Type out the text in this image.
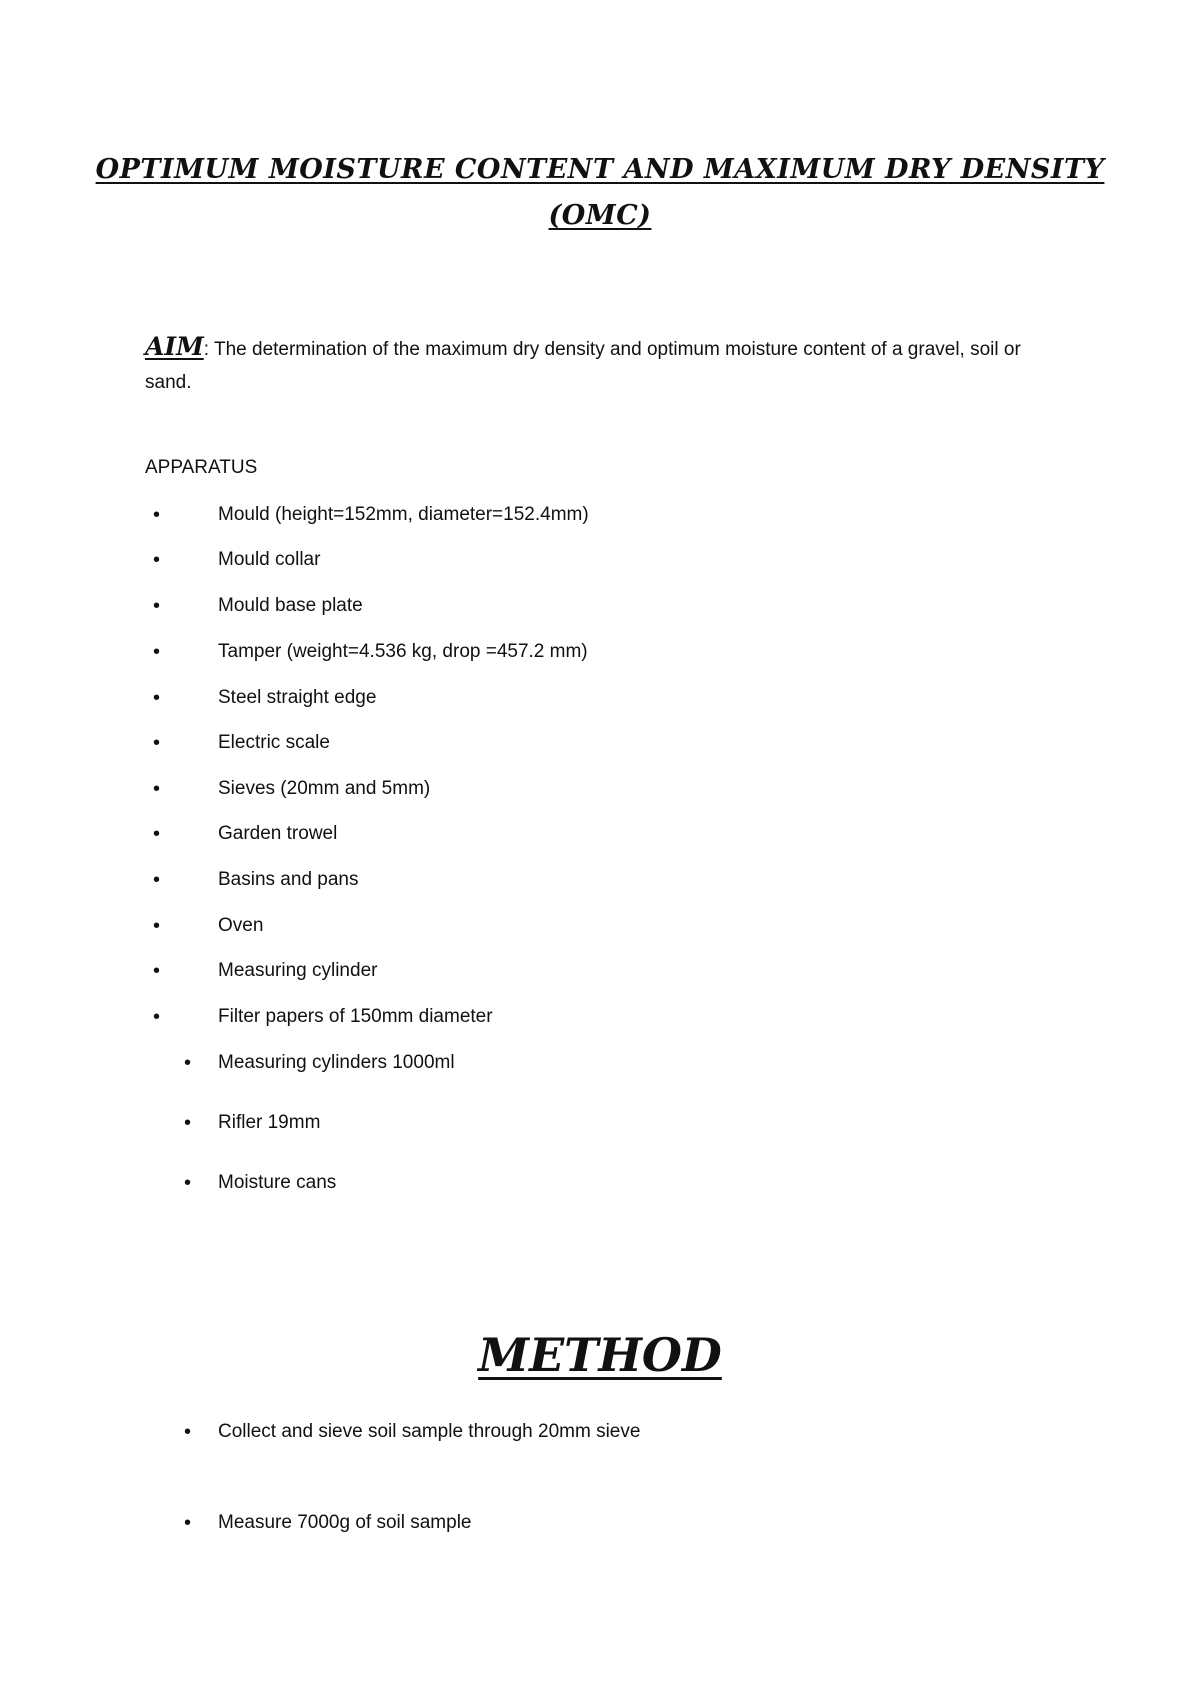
OPTIMUM MOISTURE CONTENT AND MAXIMUM DRY DENSITY
(OMC)

AIM: The determination of the maximum dry density and optimum moisture content of a gravel, soil or sand.

APPARATUS

•	Mould (height=152mm, diameter=152.4mm)
•	Mould collar
•	Mould base plate
•	Tamper (weight=4.536 kg, drop =457.2 mm)
•	Steel straight edge
•	Electric scale
•	Sieves (20mm and 5mm)
•	Garden trowel
•	Basins and pans
•	Oven
•	Measuring cylinder
•	Filter papers of 150mm diameter
• Measuring cylinders 1000ml
• Rifler 19mm
• Moisture cans
METHOD
• Collect and sieve soil sample through 20mm sieve
• Measure 7000g of soil sample
